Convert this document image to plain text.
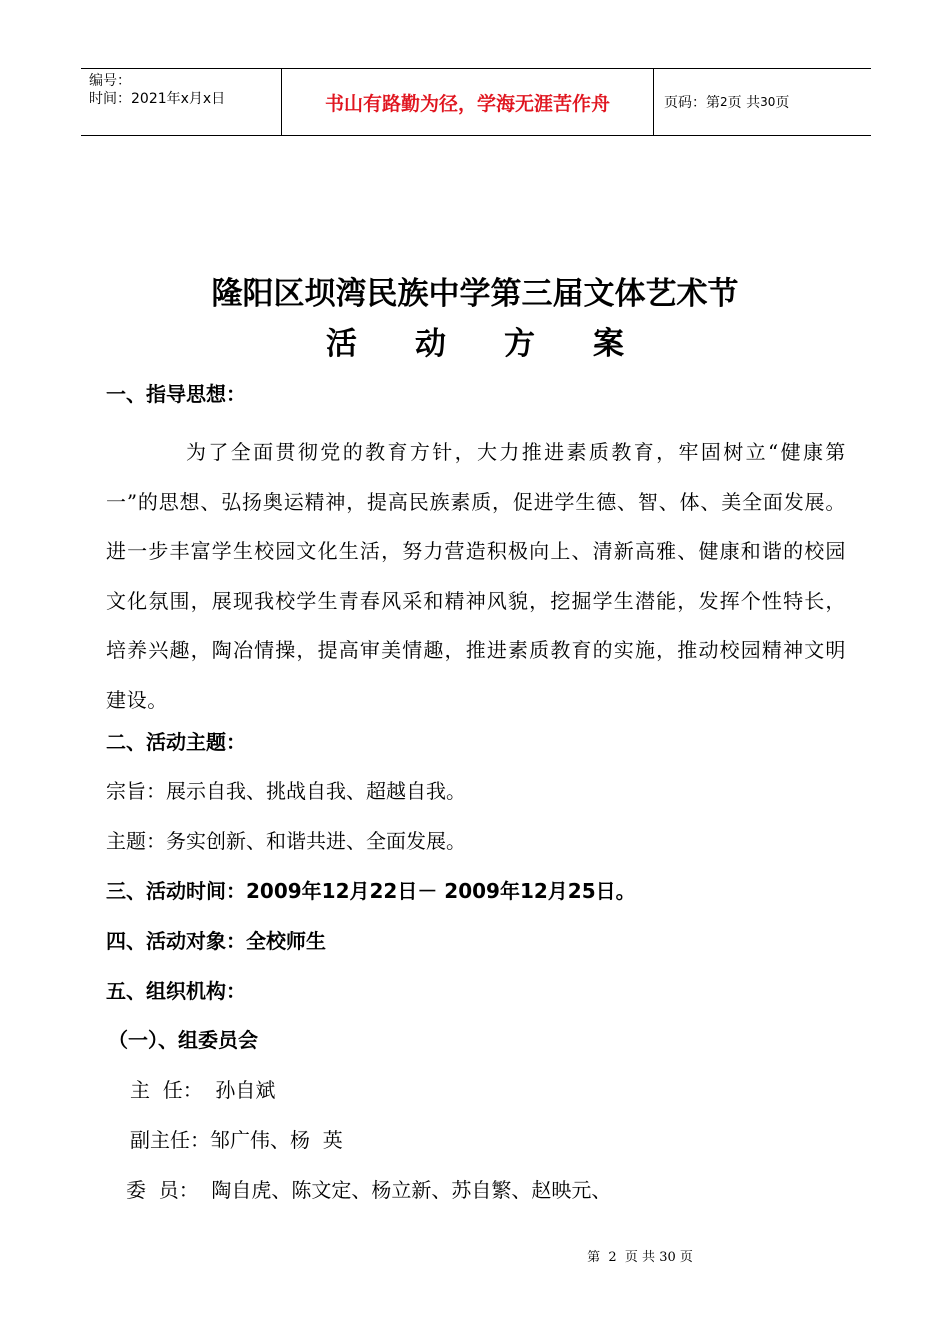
编号：
时间：2021年x月x日	书山有路勤为径，学海无涯苦作舟	页码：第 2 页 共 30 页
隆阳区坝湾民族中学第三届文体艺术节
活动方案
一、指导思想：
为了全面贯彻党的教育方针，大力推进素质教育，牢固树立“健康第一”的思想、弘扬奥运精神，提高民族素质，促进学生德、智、体、美全面发展。进一步丰富学生校园文化生活，努力营造积极向上、清新高雅、健康和谐的校园文化氛围，展现我校学生青春风采和精神风貌，挖掘学生潜能，发挥个性特长，培养兴趣，陶冶情操，提高审美情趣，推进素质教育的实施，推动校园精神文明建设。
二、活动主题：
宗旨：展示自我、挑战自我、超越自我。
主题：务实创新、和谐共进、全面发展。
三、活动时间：2009年12月22日－ 2009年12月25日。
四、活动对象：全校师生
五、组织机构：
（一）、组委员会
主  任：  孙自斌
副主任：邹广伟、杨  英
委  员：  陶自虎、陈文定、杨立新、苏自繁、赵映元、
第  2  页 共 30 页
